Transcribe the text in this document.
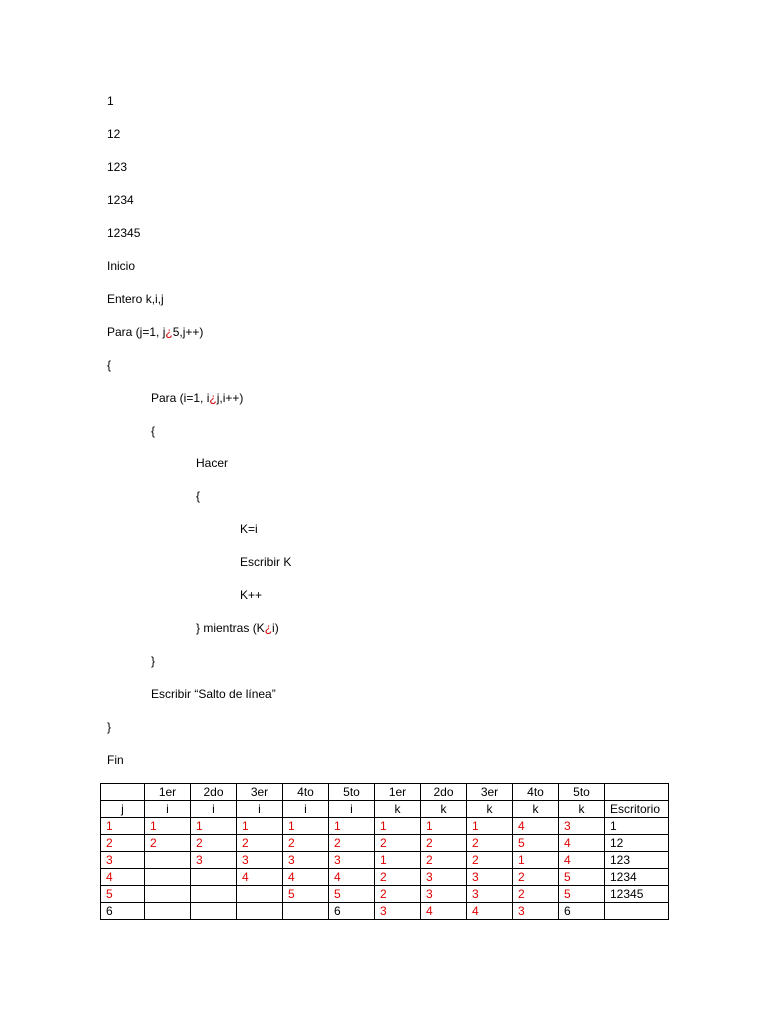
1
12
123
1234
12345
Inicio
Entero k,i,j
Para (j=1, j¿5,j++)
{
Para (i=1, i¿j,i++)
{
Hacer
{
K=i
Escribir K
K++
} mientras (K¿i)
}
Escribir “Salto de línea”
}
Fin
	1er	2do	3er	4to	5to	1er	2do	3er	4to	5to	
j	i	i	i	i	i	k	k	k	k	k	Escritorio
1	1	1	1	1	1	1	1	1	4	3	1
2	2	2	2	2	2	2	2	2	5	4	12
3		3	3	3	3	1	2	2	1	4	123
4			4	4	4	2	3	3	2	5	1234
5				5	5	2	3	3	2	5	12345
6					6	3	4	4	3	6	
